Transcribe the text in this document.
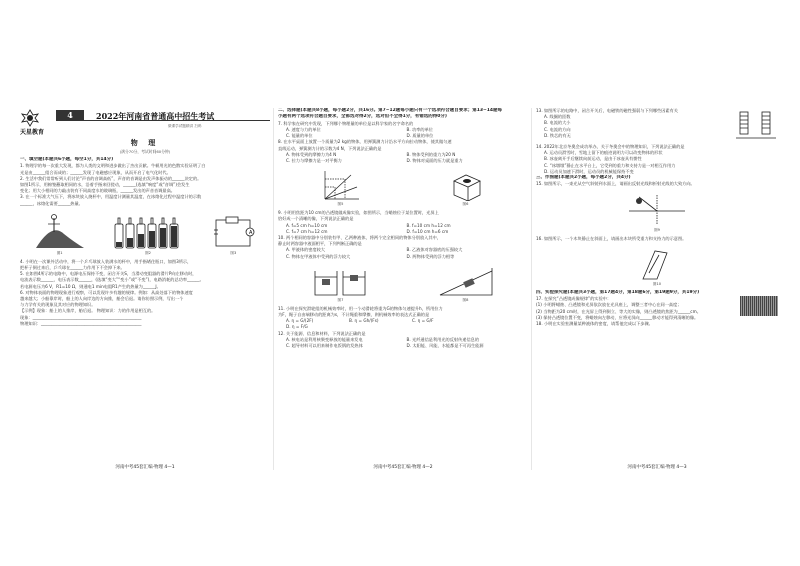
天星教育
4	2022年河南省普通高中招生考试
微课学试题精讲 扫码
物 理
(满分70分，考试时间60分钟)
一、填空题(本题共6小题，每空1分，共14分)
1. 物理学的每一次重大发现，都为人类的文明和进步做出了杰出贡献。牛顿用光的色散实验证明了白
光是由______组合而成的；______发现了电磁感应现象，从而开启了电气化时代。
2. 生活中我们常常听到人们讨论“声音的音调高低”，声音的音调是由发声体振动的______决定的。
如图1所示，用棉签蘸取相同的水，沿着手指来回搓动，______(选填“响度”或“音调”)会发生
变化；用大小相同的力敲击装有不同高度水的玻璃瓶，______发出的声音音调最高。
3. 在一个标准大气压下，将冰块放入烧杯中，用温度计测量其温度，在冰熔化过程中温度计的示数
______，冰熔化需要______热量。
图1	图2
A
图3
4. 小明在一次课外活动中，将一个乒乓球放入装满水的杯中，用手指堵住瓶口，如图3所示，
把杯子倒过来后，乒乓球在______力作用下不会掉下来。
5. 在如图4所示的电路中，电源电压保持不变，闭合开关S，当滑动变阻器的滑片P向左移动时，
电流表示数______，电压表示数______，(选填“变大”“变小”或“不变”)，电路消耗的总功率______。
若电源电压为6 V，R1=10 Ω，则通电1 min电阻R1产生的热量为______J。
6. 对物体表面的物理现象进行观察，可以发现许多有趣的规律。例如：从高处落下的物体速度
越来越大；小船靠岸时，船上的人向岸边的方向推，船会后退。请你仿照示例，写出一个
与力学有关的现象及其对应的物理知识。
【示例】现象：船上的人推岸，船后退。 物理知识：力的作用是相互的。
现象：____________________________________________________
物理知识：________________________________________________
河南中考45套汇编·物理 4—1
二、选择题(本题共8小题，每小题2分，共16分。第7~12题每小题只有一个选项符合题目要求；第13~14题每
小题有两个选项符合题目要求，全部选对得2分，选对但不全得1分，有错选的得0分)
7. 科学家在研究中发现，下列哪个物理量的单位是以科学家的名字命名的
A. 速度与力的单位	B. 功率的单位
C. 能量的单位	D. 质量的单位
8. 在水平桌面上放置一个质量为2 kg的物体，用弹簧测力计沿水平方向拉动物体，使其做匀速
直线运动，弹簧测力计的示数为4 N，下列说法正确的是
A. 物体受到的摩擦力为4 N	B. 物体受到的重力为20 N
C. 拉力与摩擦力是一对平衡力	D. 物体对桌面的压力就是重力
图5	图6
9. 小明用焦距为10 cm的凸透镜做成像实验，如图所示，当蜡烛位于某位置时，光屏上
恰好成一个清晰的像，下列说法正确的是
A. f=5 cm h=10 cm	B. f=10 cm h=12 cm
C. f=7 cm h=12 cm	D. f=10 cm h=6 cm
10. 两个相同的容器中分别装有甲、乙两种液体，将两个完全相同的物体分别放入其中，
静止时两容器中液面相平，下列判断正确的是
A. 甲液体的密度较大	B. 乙液体对容器底的压强较大
C. 物体在甲液体中受到的浮力较大	D. 两物体受到的浮力相等
图7	图8
11. 小明在探究滑轮组的机械效率时，用一个动滑轮将重为G的物体匀速提升h，所用拉力
为F，绳子自由端移动的距离为s，不计绳重和摩擦，则机械效率的表达式正确的是
A. η = G/(2F)	B. η = Gh/(Fs)	C. η = G/F
D. η = F/G
12. 关于能源、信息和材料，下列说法正确的是
A. 核电站是利用核聚变释放的能量来发电	B. 光纤通信是利用光的反射传递信息的
C. 超导材料可以用来制作电饭锅的发热体	D. 太阳能、风能、水能都是不可再生能源
河南中考45套汇编·物理 4—2
13. 如图所示的电路中，闭合开关后，电磁铁的磁性强弱与下列哪些因素有关
A. 线圈的匝数
B. 电流的大小
C. 电流的方向
D. 铁芯的有无
14. 2022年北京冬奥会成功举办，关于冬奥会中的物理知识，下列说法正确的是
A. 运动员滑雪时，雪地上留下的痕迹说明力可以改变物体的形状
B. 冰壶离开手后继续向前运动，是由于冰壶具有惯性
C. “冰墩墩”静止在水平台上，它受到的重力和支持力是一对相互作用力
D. 运动员加速下滑时，运动员的机械能保持不变
三、作图题(本题共2小题，每小题2分，共4分)
15. 如图所示，一束光从空气斜射到水面上，请画出反射光线和折射光线的大致方向。
图9
16. 如图所示，一个木块静止在斜面上，请画出木块所受重力和支持力的示意图。
图10
四、实验探究题(本题共3小题，第17题4分，第18题6分，第19题9分，共19分)
17. 在探究“凸透镜成像规律”的实验中：
(1) 小明将蜡烛、凸透镜和光屏依次放在光具座上，调整三者中心在同一高度；
(2) 当物距为20 cm时，在光屏上得到倒立、等大的实像，则凸透镜的焦距为______cm。
(3) 保持凸透镜位置不变，将蜡烛向左移动，应将光屏向______移动才能得到清晰的像。
18. 小明在实验室测量某种液体的密度，请帮他完成以下步骤。
河南中考45套汇编·物理 4—3
